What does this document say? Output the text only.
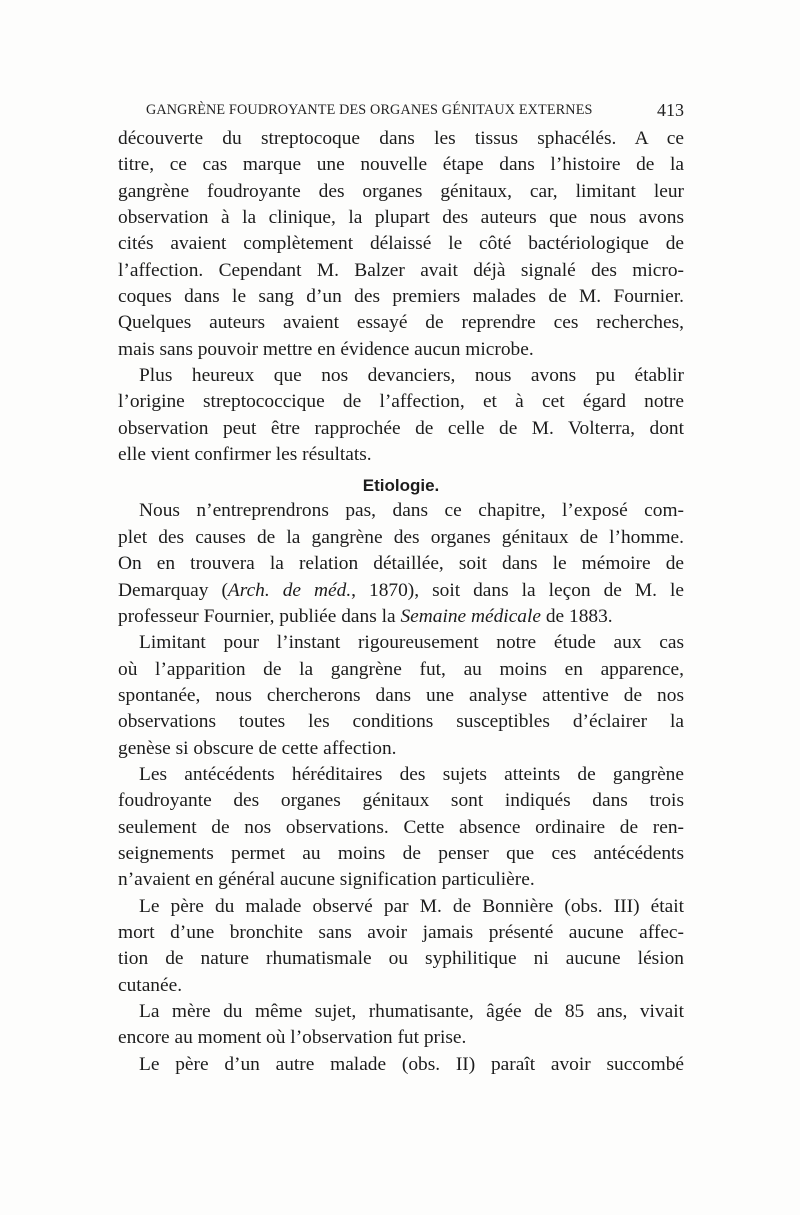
GANGRÈNE FOUDROYANTE DES ORGANES GÉNITAUX EXTERNES	413
découverte du streptocoque dans les tissus sphacélés. A ce
titre, ce cas marque une nouvelle étape dans l’histoire de la
gangrène foudroyante des organes génitaux, car, limitant leur
observation à la clinique, la plupart des auteurs que nous avons
cités avaient complètement délaissé le côté bactériologique de
l’affection. Cependant M. Balzer avait déjà signalé des micro-
coques dans le sang d’un des premiers malades de M. Fournier.
Quelques auteurs avaient essayé de reprendre ces recherches,
mais sans pouvoir mettre en évidence aucun microbe.
Plus heureux que nos devanciers, nous avons pu établir
l’origine streptococcique de l’affection, et à cet égard notre
observation peut être rapprochée de celle de M. Volterra, dont
elle vient confirmer les résultats.
Etiologie.
Nous n’entreprendrons pas, dans ce chapitre, l’exposé com-
plet des causes de la gangrène des organes génitaux de l’homme.
On en trouvera la relation détaillée, soit dans le mémoire de
Demarquay (Arch. de méd., 1870), soit dans la leçon de M. le
professeur Fournier, publiée dans la Semaine médicale de 1883.
Limitant pour l’instant rigoureusement notre étude aux cas
où l’apparition de la gangrène fut, au moins en apparence,
spontanée, nous chercherons dans une analyse attentive de nos
observations toutes les conditions susceptibles d’éclairer la
genèse si obscure de cette affection.
Les antécédents héréditaires des sujets atteints de gangrène
foudroyante des organes génitaux sont indiqués dans trois
seulement de nos observations. Cette absence ordinaire de ren-
seignements permet au moins de penser que ces antécédents
n’avaient en général aucune signification particulière.
Le père du malade observé par M. de Bonnière (obs. III) était
mort d’une bronchite sans avoir jamais présenté aucune affec-
tion de nature rhumatismale ou syphilitique ni aucune lésion
cutanée.
La mère du même sujet, rhumatisante, âgée de 85 ans, vivait
encore au moment où l’observation fut prise.
Le père d’un autre malade (obs. II) paraît avoir succombé
